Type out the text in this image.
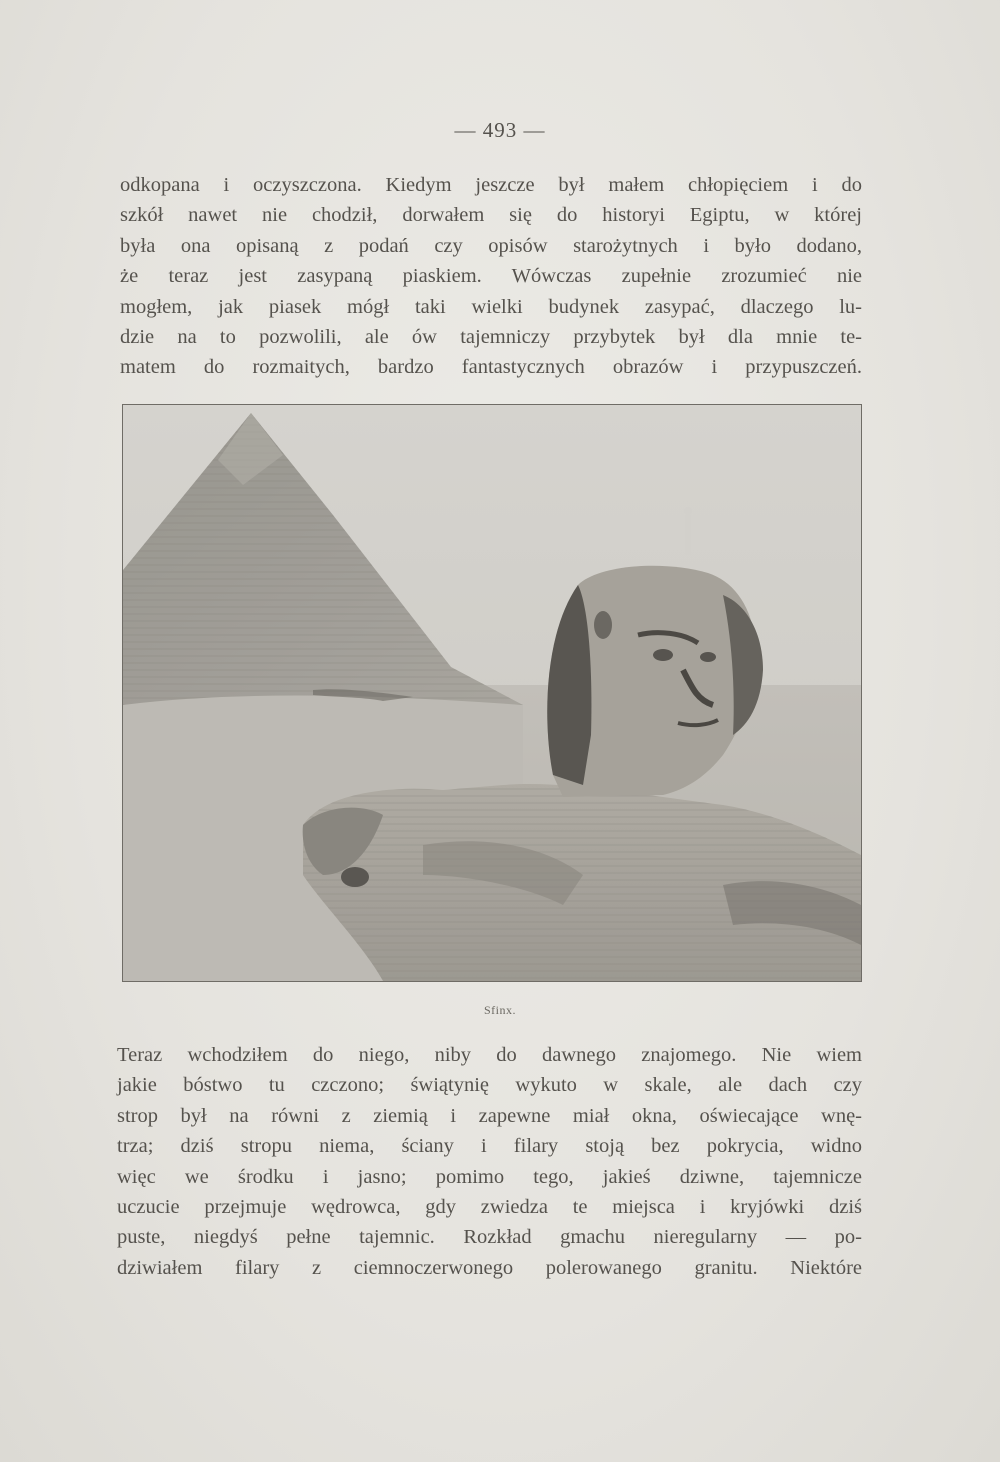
— 493 —
odkopana i oczyszczona. Kiedym jeszcze był małem chłopięciem i do
szkół nawet nie chodził, dorwałem się do historyi Egiptu, w której
była ona opisaną z podań czy opisów starożytnych i było dodano,
że teraz jest zasypaną piaskiem. Wówczas zupełnie zrozumieć nie
mogłem, jak piasek mógł taki wielki budynek zasypać, dlaczego lu-
dzie na to pozwolili, ale ów tajemniczy przybytek był dla mnie te-
matem do rozmaitych, bardzo fantastycznych obrazów i przypuszczeń.
Sfinx.
Teraz wchodziłem do niego, niby do dawnego znajomego. Nie wiem
jakie bóstwo tu czczono; świątynię wykuto w skale, ale dach czy
strop był na równi z ziemią i zapewne miał okna, oświecające wnę-
trza; dziś stropu niema, ściany i filary stoją bez pokrycia, widno
więc we środku i jasno; pomimo tego, jakieś dziwne, tajemnicze
uczucie przejmuje wędrowca, gdy zwiedza te miejsca i kryjówki dziś
puste, niegdyś pełne tajemnic. Rozkład gmachu nieregularny — po-
dziwiałem filary z ciemnoczerwonego polerowanego granitu. Niektóre
